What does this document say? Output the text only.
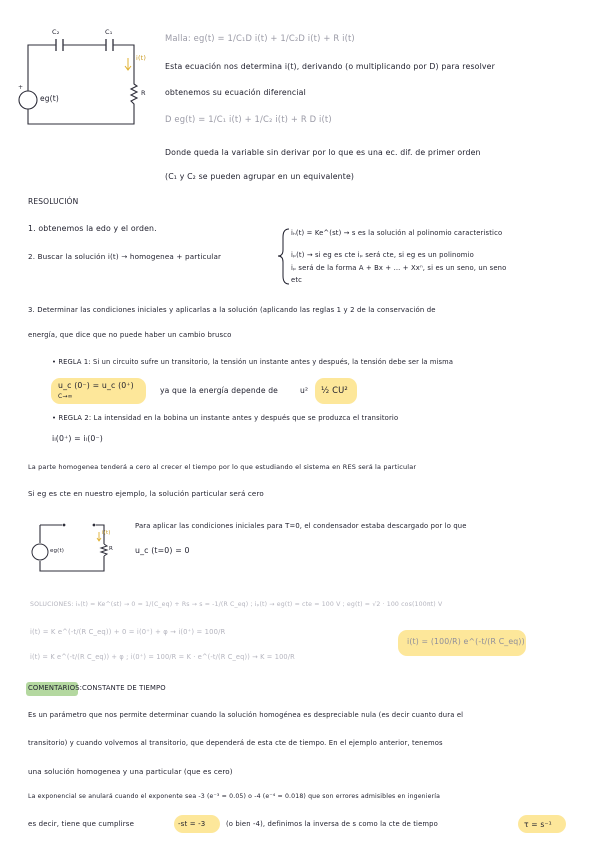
+
C₂	C₁
i(t)
R
eg(t)
Malla: eg(t) = 1/C₁D i(t) + 1/C₂D i(t) + R i(t)
Esta ecuación nos determina i(t), derivando (o multiplicando por D) para resolver
obtenemos su ecuación diferencial
D eg(t) = 1/C₁ i(t) + 1/C₂ i(t) + R D i(t)
Donde queda la variable sin derivar por lo que es una ec. dif. de primer orden
(C₁ y C₂ se pueden agrupar en un equivalente)
RESOLUCIÓN
1. obtenemos la edo y el orden.
2. Buscar la solución i(t) → homogenea + particular
iₕ(t) = Ke^(st) → s es la solución al polinomio caracteristico
iₚ(t) → si eg es cte iₚ será cte, si eg es un polinomio
iₚ será de la forma A + Bx + ... + Xxⁿ, si es un seno, un seno
etc
3. Determinar las condiciones iniciales y aplicarlas a la solución (aplicando las reglas 1 y 2 de la conservación de
energía, que dice que no puede haber un cambio brusco
• REGLA 1: Si un circuito sufre un transitorio, la tensión un instante antes y después, la tensión debe ser la misma
u_c (0⁻) = u_c (0⁺)
C→∞
ya que la energía depende de	u² ½ CU²
• REGLA 2: La intensidad en la bobina un instante antes y después que se produzca el transitorio
iₗ(0⁺) = iₗ(0⁻)
La parte homogenea tenderá a cero al crecer el tiempo por lo que estudiando el sistema en RES será la particular
Si eg es cte en nuestro ejemplo, la solución particular será cero
i(t)
R
eg(t)
Para aplicar las condiciones iniciales para T=0, el condensador estaba descargado por lo que
u_c (t=0) = 0
SOLUCIONES: iₕ(t) = Ke^(st) → 0 = 1/(C_eq) + Rs → s = -1/(R C_eq) ; iₚ(t) → eg(t) = cte = 100 V ; eg(t) = √2 · 100 cos(100πt) V
i(t) = K e^(-t/(R C_eq)) + 0 = i(0⁺) + φ → i(0⁺) = 100/R
i(t) = K e^(-t/(R C_eq)) + φ ; i(0⁺) = 100/R = K · e^(-t/(R C_eq)) → K = 100/R
i(t) = (100/R) e^(-t/(R C_eq))
COMENTARIOS: CONSTANTE DE TIEMPO
Es un parámetro que nos permite determinar cuando la solución homogénea es despreciable nula (es decir cuanto dura el
transitorio) y cuando volvemos al transitorio, que dependerá de esta cte de tiempo. En el ejemplo anterior, tenemos
una solución homogenea y una particular (que es cero)
La exponencial se anulará cuando el exponente sea -3 (e⁻³ = 0.05) o -4 (e⁻⁴ = 0.018) que son errores admisibles en ingeniería
es decir, tiene que cumplirse	-st = -3	(o bien -4), definimos la inversa de s como la cte de tiempo	τ = s⁻¹
